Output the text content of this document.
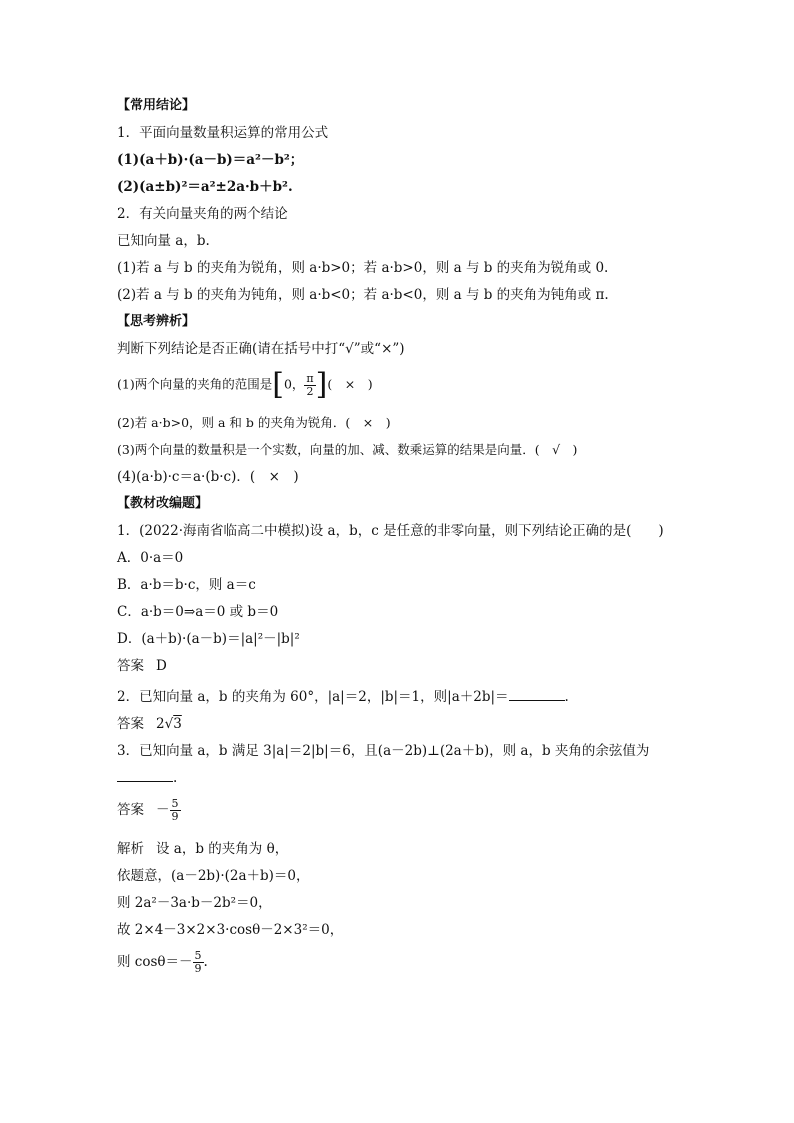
【常用结论】
1．平面向量数量积运算的常用公式
(1)(a＋b)·(a－b)＝a²－b²；
(2)(a±b)²＝a²±2a·b＋b².
2．有关向量夹角的两个结论
已知向量 a，b.
(1)若 a 与 b 的夹角为锐角，则 a·b>0；若 a·b>0，则 a 与 b 的夹角为锐角或 0.
(2)若 a 与 b 的夹角为钝角，则 a·b<0；若 a·b<0，则 a 与 b 的夹角为钝角或 π.
【思考辨析】
判断下列结论是否正确(请在括号中打“√”或“×”)
(1)两个向量的夹角的范围是[0， $\frac{\pi}{2}$ ](　×　)
(2)若 a·b>0，则 a 和 b 的夹角为锐角．(　×　)
(3)两个向量的数量积是一个实数，向量的加、减、数乘运算的结果是向量．(　√　)
(4)(a·b)·c＝a·(b·c)．(　×　)
【教材改编题】
1．(2022·海南省临高二中模拟)设 a，b，c 是任意的非零向量，则下列结论正确的是(　　)
A．0·a＝0
B．a·b＝b·c，则 a＝c
C．a·b＝0⇒a＝0 或 b＝0
D．(a＋b)·(a－b)＝|a|²－|b|²
答案 D
2．已知向量 a，b 的夹角为 60°，|a|＝2，|b|＝1，则|a＋2b|＝	.
答案 2√3
3．已知向量 a，b 满足 3|a|＝2|b|＝6，且(a－2b)⊥(2a＋b)，则 a，b 夹角的余弦值为
.
答案 － $\frac{5}{9}$
解析 设 a，b 的夹角为 θ，
依题意，(a－2b)·(2a＋b)＝0，
则 2a²－3a·b－2b²＝0，
故 2×4－3×2×3·cosθ－2×3²＝0，
则 $\cos\theta=- \frac{5}{9}$ .
